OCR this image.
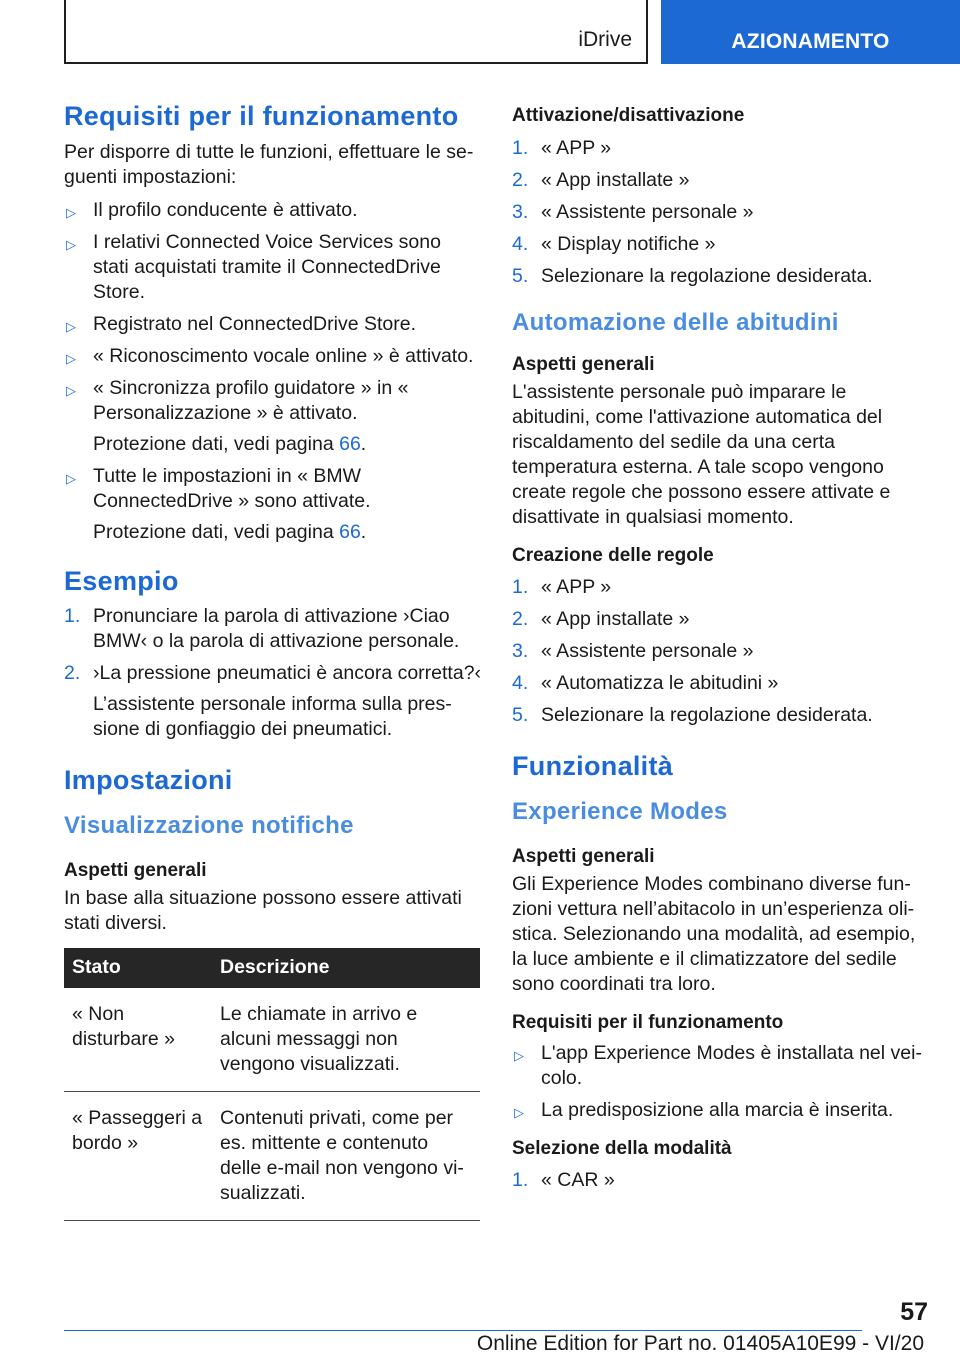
iDrive	AZIONAMENTO
Requisiti per il funzionamento

Per disporre di tutte le funzioni, effettuare le seguenti impostazioni:

▷ Il profilo conducente è attivato.
▷ I relativi Connected Voice Services sono stati acquistati tramite il ConnectedDrive Store.
▷ Registrato nel ConnectedDrive Store.
▷ « Riconoscimento vocale online » è attivato.
▷ « Sincronizza profilo guidatore » in « Personalizzazione » è attivato.
Protezione dati, vedi pagina 66.
▷ Tutte le impostazioni in « BMW ConnectedDrive » sono attivate.
Protezione dati, vedi pagina 66.
Esempio
1. Pronunciare la parola di attivazione ›Ciao BMW‹ o la parola di attivazione personale.
2. ›La pressione pneumatici è ancora corretta?‹
L’assistente personale informa sulla pressione di gonfiaggio dei pneumatici.
Impostazioni
Visualizzazione notifiche
Aspetti generali

In base alla situazione possono essere attivati stati diversi.

Stato	Descrizione
« Non disturbare »	Le chiamate in arrivo e alcuni messaggi non vengono visualizzati.
« Passeggeri a bordo »	Contenuti privati, come per es. mittente e contenuto delle e-mail non vengono visualizzati.
Attivazione/disattivazione
1. « APP »
2. « App installate »
3. « Assistente personale »
4. « Display notifiche »
5. Selezionare la regolazione desiderata.
Automazione delle abitudini
Aspetti generali

L'assistente personale può imparare le abitudini, come l'attivazione automatica del riscaldamento del sedile da una certa temperatura esterna. A tale scopo vengono create regole che possono essere attivate e disattivate in qualsiasi momento.

Creazione delle regole
1. « APP »
2. « App installate »
3. « Assistente personale »
4. « Automatizza le abitudini »
5. Selezionare la regolazione desiderata.
Funzionalità
Experience Modes
Aspetti generali

Gli Experience Modes combinano diverse funzioni vettura nell’abitacolo in un’esperienza olistica. Selezionando una modalità, ad esempio, la luce ambiente e il climatizzatore del sedile sono coordinati tra loro.

Requisiti per il funzionamento
▷ L'app Experience Modes è installata nel veicolo.
▷ La predisposizione alla marcia è inserita.
Selezione della modalità
1. « CAR »
57
Online Edition for Part no. 01405A10E99 - VI/20
